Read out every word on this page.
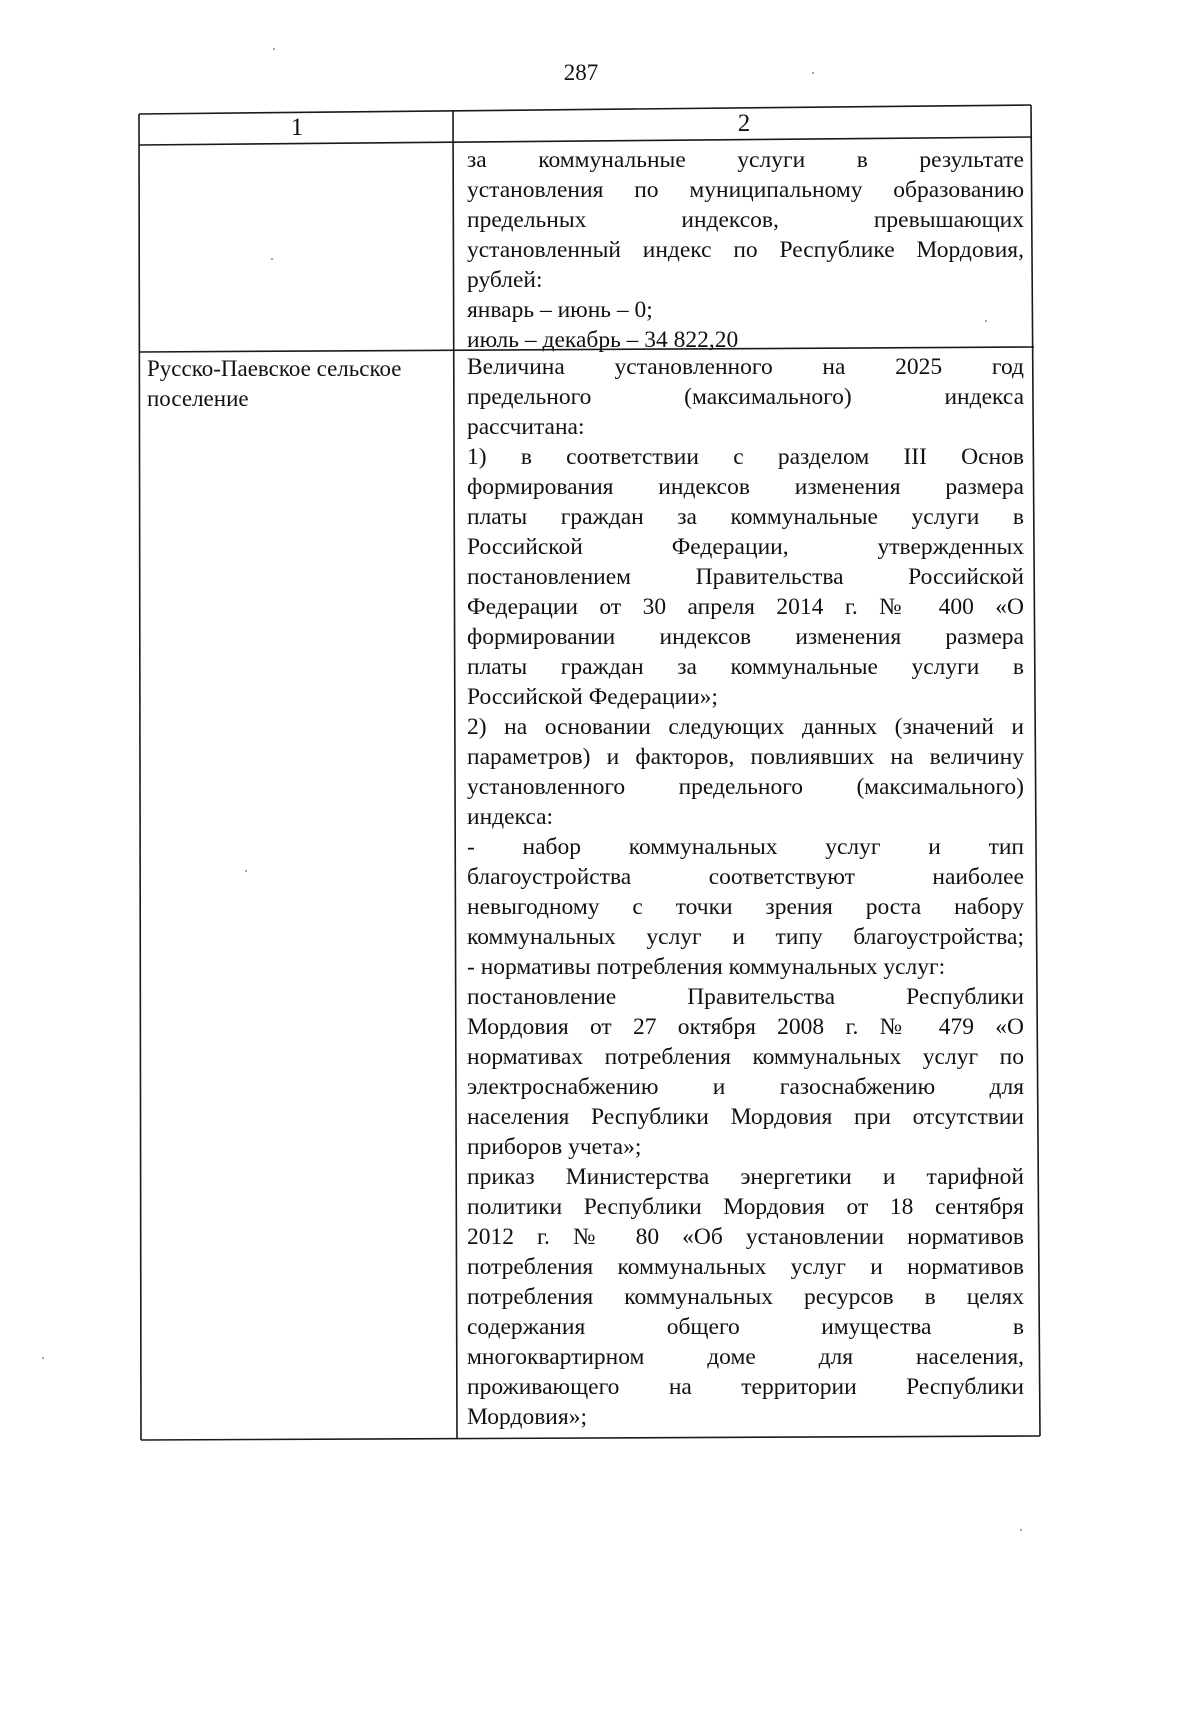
287
1	2
Русско-Паевское сельское поселение
за коммунальные услуги в результате
установления по муниципальному образованию
предельных индексов, превышающих
установленный индекс по Республике Мордовия,
рублей:
январь – июнь – 0;
июль – декабрь – 34 822,20
Величина установленного на 2025 год
предельного (максимального) индекса
рассчитана:
1) в соответствии с разделом III Основ
формирования индексов изменения размера
платы граждан за коммунальные услуги в
Российской Федерации, утвержденных
постановлением Правительства Российской
Федерации от 30 апреля 2014 г. № 400 «О
формировании индексов изменения размера
платы граждан за коммунальные услуги в
Российской Федерации»;
2) на основании следующих данных (значений и
параметров) и факторов, повлиявших на величину
установленного предельного (максимального)
индекса:
- набор коммунальных услуг и тип
благоустройства соответствуют наиболее
невыгодному с точки зрения роста набору
коммунальных услуг и типу благоустройства;
- нормативы потребления коммунальных услуг:
постановление Правительства Республики
Мордовия от 27 октября 2008 г. № 479 «О
нормативах потребления коммунальных услуг по
электроснабжению и газоснабжению для
населения Республики Мордовия при отсутствии
приборов учета»;
приказ Министерства энергетики и тарифной
политики Республики Мордовия от 18 сентября
2012 г. № 80 «Об установлении нормативов
потребления коммунальных услуг и нормативов
потребления коммунальных ресурсов в целях
содержания общего имущества в
многоквартирном доме для населения,
проживающего на территории Республики
Мордовия»;
